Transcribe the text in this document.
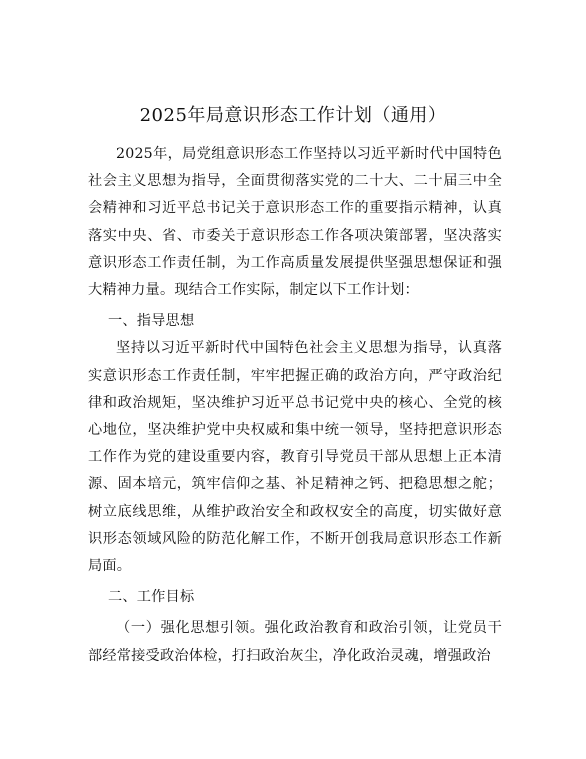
2025年局意识形态工作计划（通用）

2025年，局党组意识形态工作坚持以习近平新时代中国特色社会主义思想为指导，全面贯彻落实党的二十大、二十届三中全会精神和习近平总书记关于意识形态工作的重要指示精神，认真落实中央、省、市委关于意识形态工作各项决策部署，坚决落实意识形态工作责任制，为工作高质量发展提供坚强思想保证和强大精神力量。现结合工作实际，制定以下工作计划：

一、指导思想

坚持以习近平新时代中国特色社会主义思想为指导，认真落实意识形态工作责任制，牢牢把握正确的政治方向，严守政治纪律和政治规矩，坚决维护习近平总书记党中央的核心、全党的核心地位，坚决维护党中央权威和集中统一领导，坚持把意识形态工作作为党的建设重要内容，教育引导党员干部从思想上正本清源、固本培元，筑牢信仰之基、补足精神之钙、把稳思想之舵；树立底线思维，从维护政治安全和政权安全的高度，切实做好意识形态领域风险的防范化解工作，不断开创我局意识形态工作新局面。

二、工作目标

（一）强化思想引领。强化政治教育和政治引领，让党员干部经常接受政治体检，打扫政治灰尘，净化政治灵魂，增强政治
